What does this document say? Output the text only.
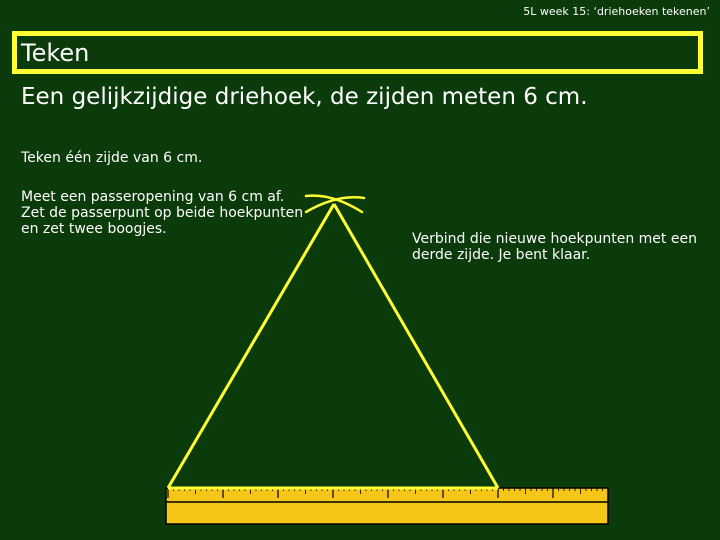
5L week 15: ‘driehoeken tekenen’
Teken
Een gelijkzijdige driehoek, de zijden meten 6 cm.
Teken één zijde van 6 cm.
Meet een passeropening van 6 cm af. Zet de passerpunt op beide hoekpunten en zet twee boogjes.
Verbind die nieuwe hoekpunten met een derde zijde. Je bent klaar.
